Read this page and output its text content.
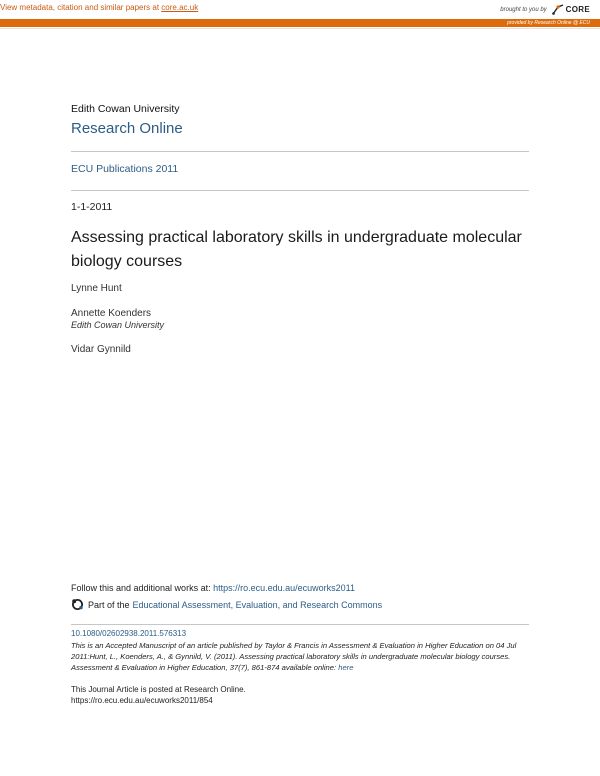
View metadata, citation and similar papers at core.ac.uk	brought to you by CORE
provided by Research Online @ ECU
Edith Cowan University
Research Online
ECU Publications 2011
1-1-2011
Assessing practical laboratory skills in undergraduate molecular biology courses
Lynne Hunt
Annette Koenders
Edith Cowan University
Vidar Gynnild
Follow this and additional works at: https://ro.ecu.edu.au/ecuworks2011
Part of the Educational Assessment, Evaluation, and Research Commons
10.1080/02602938.2011.576313
This is an Accepted Manuscript of an article published by Taylor & Francis in Assessment & Evaluation in Higher Education on 04 Jul 2011:Hunt, L., Koenders, A., & Gynnild, V. (2011). Assessing practical laboratory skills in undergraduate molecular biology courses. Assessment & Evaluation in Higher Education, 37(7), 861-874 available online: here
This Journal Article is posted at Research Online.
https://ro.ecu.edu.au/ecuworks2011/854
